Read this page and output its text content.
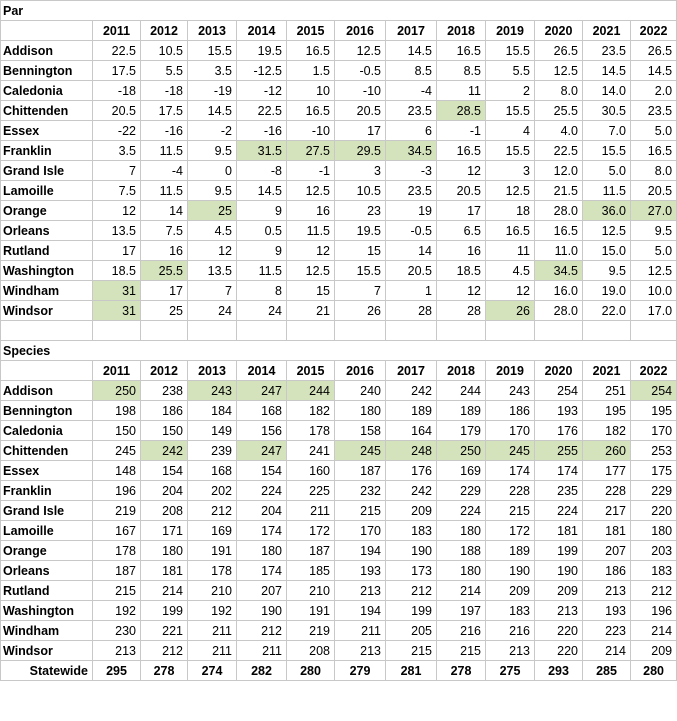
Par												
	2011	2012	2013	2014	2015	2016	2017	2018	2019	2020	2021	2022
Addison	22.5	10.5	15.5	19.5	16.5	12.5	14.5	16.5	15.5	26.5	23.5	26.5
Bennington	17.5	5.5	3.5	-12.5	1.5	-0.5	8.5	8.5	5.5	12.5	14.5	14.5
Caledonia	-18	-18	-19	-12	10	-10	-4	11	2	8.0	14.0	2.0
Chittenden	20.5	17.5	14.5	22.5	16.5	20.5	23.5	28.5	15.5	25.5	30.5	23.5
Essex	-22	-16	-2	-16	-10	17	6	-1	4	4.0	7.0	5.0
Franklin	3.5	11.5	9.5	31.5	27.5	29.5	34.5	16.5	15.5	22.5	15.5	16.5
Grand Isle	7	-4	0	-8	-1	3	-3	12	3	12.0	5.0	8.0
Lamoille	7.5	11.5	9.5	14.5	12.5	10.5	23.5	20.5	12.5	21.5	11.5	20.5
Orange	12	14	25	9	16	23	19	17	18	28.0	36.0	27.0
Orleans	13.5	7.5	4.5	0.5	11.5	19.5	-0.5	6.5	16.5	16.5	12.5	9.5
Rutland	17	16	12	9	12	15	14	16	11	11.0	15.0	5.0
Washington	18.5	25.5	13.5	11.5	12.5	15.5	20.5	18.5	4.5	34.5	9.5	12.5
Windham	31	17	7	8	15	7	1	12	12	16.0	19.0	10.0
Windsor	31	25	24	24	21	26	28	28	26	28.0	22.0	17.0

Species												
	2011	2012	2013	2014	2015	2016	2017	2018	2019	2020	2021	2022
Addison	250	238	243	247	244	240	242	244	243	254	251	254
Bennington	198	186	184	168	182	180	189	189	186	193	195	195
Caledonia	150	150	149	156	178	158	164	179	170	176	182	170
Chittenden	245	242	239	247	241	245	248	250	245	255	260	253
Essex	148	154	168	154	160	187	176	169	174	174	177	175
Franklin	196	204	202	224	225	232	242	229	228	235	228	229
Grand Isle	219	208	212	204	211	215	209	224	215	224	217	220
Lamoille	167	171	169	174	172	170	183	180	172	181	181	180
Orange	178	180	191	180	187	194	190	188	189	199	207	203
Orleans	187	181	178	174	185	193	173	180	190	190	186	183
Rutland	215	214	210	207	210	213	212	214	209	209	213	212
Washington	192	199	192	190	191	194	199	197	183	213	193	196
Windham	230	221	211	212	219	211	205	216	216	220	223	214
Windsor	213	212	211	211	208	213	215	215	213	220	214	209
Statewide	295	278	274	282	280	279	281	278	275	293	285	280
